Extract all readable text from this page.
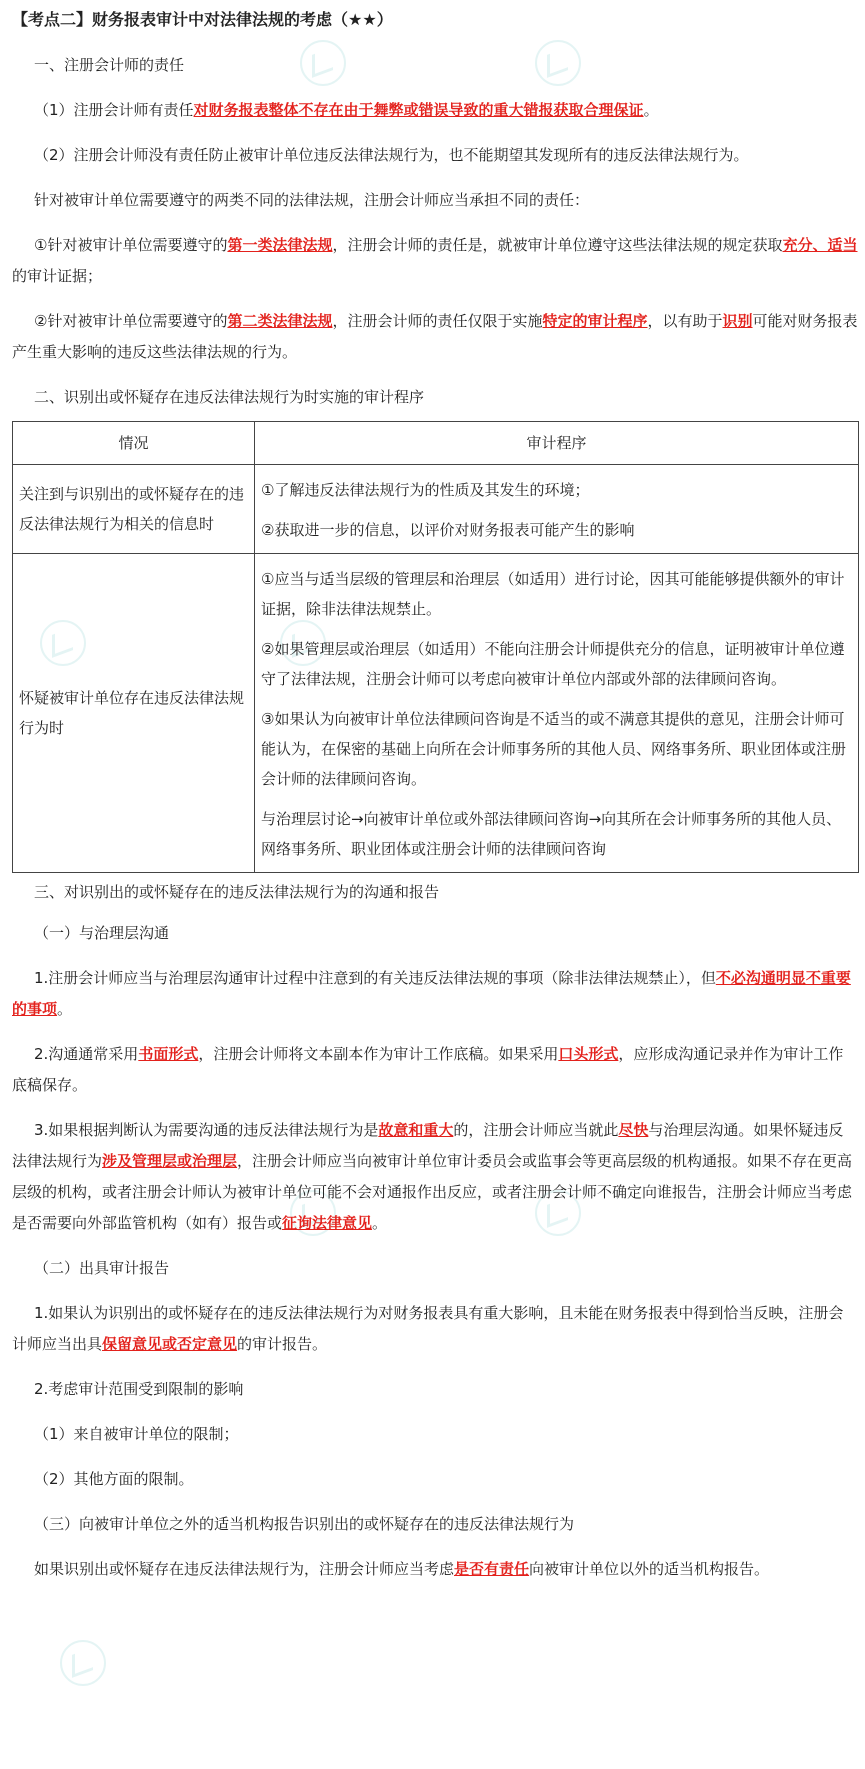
【考点二】财务报表审计中对法律法规的考虑（★★）
一、注册会计师的责任
（1）注册会计师有责任对财务报表整体不存在由于舞弊或错误导致的重大错报获取合理保证。
（2）注册会计师没有责任防止被审计单位违反法律法规行为，也不能期望其发现所有的违反法律法规行为。
针对被审计单位需要遵守的两类不同的法律法规，注册会计师应当承担不同的责任：
①针对被审计单位需要遵守的第一类法律法规，注册会计师的责任是，就被审计单位遵守这些法律法规的规定获取充分、适当的审计证据；
②针对被审计单位需要遵守的第二类法律法规，注册会计师的责任仅限于实施特定的审计程序，以有助于识别可能对财务报表产生重大影响的违反这些法律法规的行为。
二、识别出或怀疑存在违反法律法规行为时实施的审计程序
情况	审计程序
关注到与识别出的或怀疑存在的违反法律法规行为相关的信息时	①了解违反法律法规行为的性质及其发生的环境；
②获取进一步的信息，以评价对财务报表可能产生的影响

怀疑被审计单位存在违反法律法规行为时	①应当与适当层级的管理层和治理层（如适用）进行讨论，因其可能能够提供额外的审计证据，除非法律法规禁止。
②如果管理层或治理层（如适用）不能向注册会计师提供充分的信息，证明被审计单位遵守了法律法规，注册会计师可以考虑向被审计单位内部或外部的法律顾问咨询。
③如果认为向被审计单位法律顾问咨询是不适当的或不满意其提供的意见，注册会计师可能认为，在保密的基础上向所在会计师事务所的其他人员、网络事务所、职业团体或注册会计师的法律顾问咨询。
与治理层讨论→向被审计单位或外部法律顾问咨询→向其所在会计师事务所的其他人员、网络事务所、职业团体或注册会计师的法律顾问咨询
三、对识别出的或怀疑存在的违反法律法规行为的沟通和报告
（一）与治理层沟通
1.注册会计师应当与治理层沟通审计过程中注意到的有关违反法律法规的事项（除非法律法规禁止），但不必沟通明显不重要的事项。
2.沟通通常采用书面形式，注册会计师将文本副本作为审计工作底稿。如果采用口头形式，应形成沟通记录并作为审计工作底稿保存。
3.如果根据判断认为需要沟通的违反法律法规行为是故意和重大的，注册会计师应当就此尽快与治理层沟通。如果怀疑违反法律法规行为涉及管理层或治理层，注册会计师应当向被审计单位审计委员会或监事会等更高层级的机构通报。如果不存在更高层级的机构，或者注册会计师认为被审计单位可能不会对通报作出反应，或者注册会计师不确定向谁报告，注册会计师应当考虑是否需要向外部监管机构（如有）报告或征询法律意见。
（二）出具审计报告
1.如果认为识别出的或怀疑存在的违反法律法规行为对财务报表具有重大影响，且未能在财务报表中得到恰当反映，注册会计师应当出具保留意见或否定意见的审计报告。
2.考虑审计范围受到限制的影响
（1）来自被审计单位的限制；
（2）其他方面的限制。
（三）向被审计单位之外的适当机构报告识别出的或怀疑存在的违反法律法规行为
如果识别出或怀疑存在违反法律法规行为，注册会计师应当考虑是否有责任向被审计单位以外的适当机构报告。
